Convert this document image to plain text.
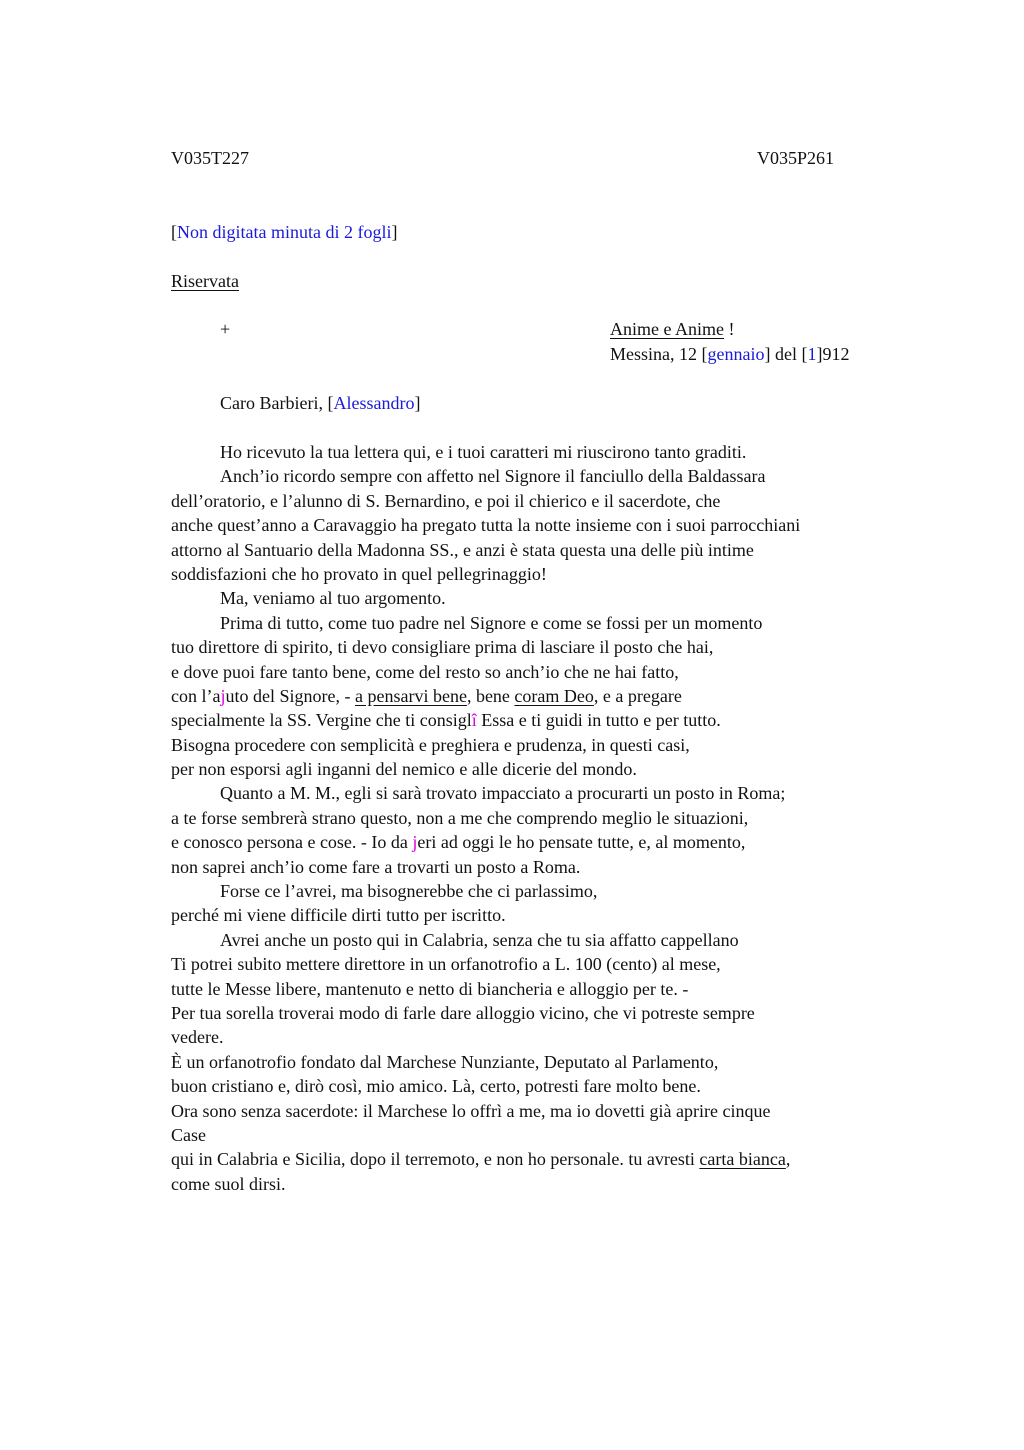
V035T227	V035P261
[Non digitata minuta di 2 fogli]
Riservata
+	Anime e Anime !
Messina, 12 [gennaio] del [1]912
Caro Barbieri, [Alessandro]
Ho ricevuto la tua lettera qui, e i tuoi caratteri mi riuscirono tanto graditi.
Anch’io ricordo sempre con affetto nel Signore il fanciullo della Baldassara
dell’oratorio, e l’alunno di S. Bernardino, e poi il chierico e il sacerdote, che
anche quest’anno a Caravaggio ha pregato tutta la notte insieme con i suoi parrocchiani
attorno al Santuario della Madonna SS., e anzi è stata questa una delle più intime
soddisfazioni che ho provato in quel pellegrinaggio!
Ma, veniamo al tuo argomento.
Prima di tutto, come tuo padre nel Signore e come se fossi per un momento
tuo direttore di spirito, ti devo consigliare prima di lasciare il posto che hai,
e dove puoi fare tanto bene, come del resto so anch’io che ne hai fatto,
con l’ajuto del Signore, - a pensarvi bene, bene coram Deo, e a pregare
specialmente la SS. Vergine che ti consiglî Essa e ti guidi in tutto e per tutto.
Bisogna procedere con semplicità e preghiera e prudenza, in questi casi,
per non esporsi agli inganni del nemico e alle dicerie del mondo.
Quanto a M. M., egli si sarà trovato impacciato a procurarti un posto in Roma;
a te forse sembrerà strano questo, non a me che comprendo meglio le situazioni,
e conosco persona e cose. - Io da jeri ad oggi le ho pensate tutte, e, al momento,
non saprei anch’io come fare a trovarti un posto a Roma.
Forse ce l’avrei, ma bisognerebbe che ci parlassimo,
perché mi viene difficile dirti tutto per iscritto.
Avrei anche un posto qui in Calabria, senza che tu sia affatto cappellano
Ti potrei subito mettere direttore in un orfanotrofio a L. 100 (cento) al mese,
tutte le Messe libere, mantenuto e netto di biancheria e alloggio per te. -
Per tua sorella troverai modo di farle dare alloggio vicino, che vi potreste sempre
vedere.
È un orfanotrofio fondato dal Marchese Nunziante, Deputato al Parlamento,
buon cristiano e, dirò così, mio amico. Là, certo, potresti fare molto bene.
Ora sono senza sacerdote: il Marchese lo offrì a me, ma io dovetti già aprire cinque
Case
qui in Calabria e Sicilia, dopo il terremoto, e non ho personale. tu avresti carta bianca,
come suol dirsi.
